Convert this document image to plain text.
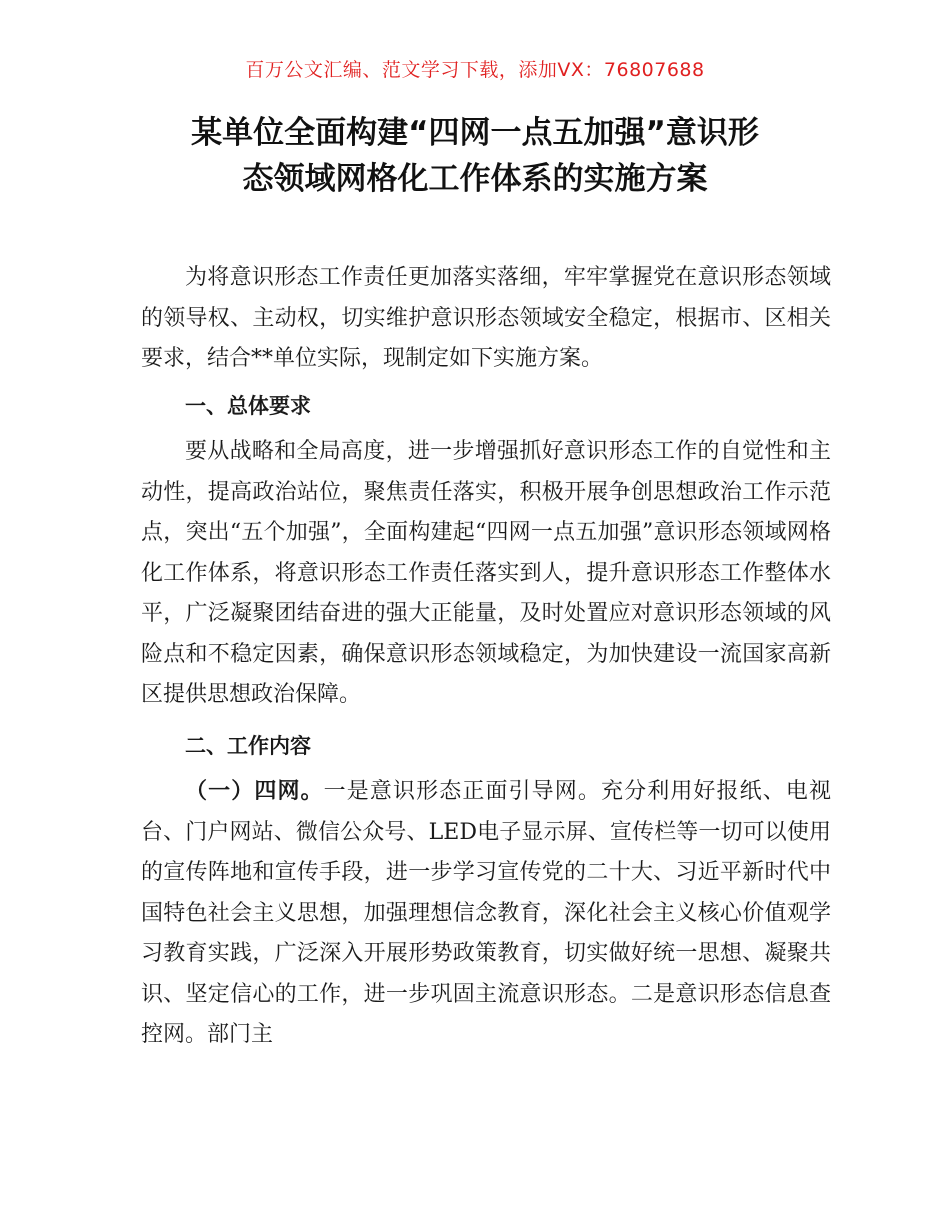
百万公文汇编、范文学习下载，添加VX：76807688
某单位全面构建“四网一点五加强”意识形
态领域网格化工作体系的实施方案

为将意识形态工作责任更加落实落细，牢牢掌握党在意识形态领域的领导权、主动权，切实维护意识形态领域安全稳定，根据市、区相关要求，结合**单位实际，现制定如下实施方案。

一、总体要求

要从战略和全局高度，进一步增强抓好意识形态工作的自觉性和主动性，提高政治站位，聚焦责任落实，积极开展争创思想政治工作示范点，突出“五个加强”，全面构建起“四网一点五加强”意识形态领域网格化工作体系，将意识形态工作责任落实到人，提升意识形态工作整体水平，广泛凝聚团结奋进的强大正能量，及时处置应对意识形态领域的风险点和不稳定因素，确保意识形态领域稳定，为加快建设一流国家高新区提供思想政治保障。

二、工作内容

（一）四网。一是意识形态正面引导网。充分利用好报纸、电视台、门户网站、微信公众号、LED电子显示屏、宣传栏等一切可以使用的宣传阵地和宣传手段，进一步学习宣传党的二十大、习近平新时代中国特色社会主义思想，加强理想信念教育，深化社会主义核心价值观学习教育实践，广泛深入开展形势政策教育，切实做好统一思想、凝聚共识、坚定信心的工作，进一步巩固主流意识形态。二是意识形态信息查控网。部门主
